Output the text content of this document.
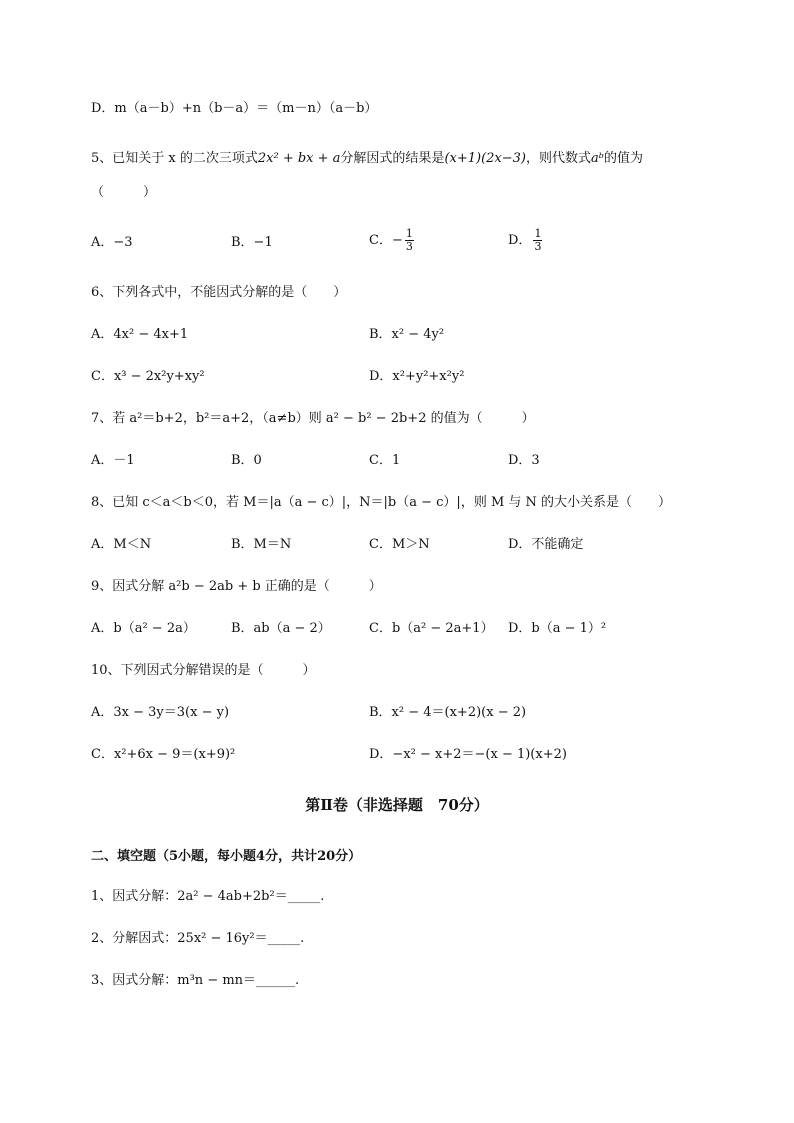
D．m（a－b）+n（b－a）＝（m－n）（a－b）
5、已知关于 x 的二次三项式2x² + bx + a分解因式的结果是(x+1)(2x−3)，则代数式aᵇ的值为
（　　　）
A．−3	B．−1	C．− $\frac{1}{3}$	D． $\frac{1}{3}$
6、下列各式中，不能因式分解的是（　　）
A．4x² − 4x+1	B．x² − 4y²
C．x³ − 2x²y+xy²	D．x²+y²+x²y²
7、若 a²＝b+2，b²＝a+2，（a≠b）则 a² − b² − 2b+2 的值为（　　　）
A．－1	B．0	C．1	D．3
8、已知 c＜a＜b＜0，若 M＝|a（a − c）|，N＝|b（a − c）|，则 M 与 N 的大小关系是（　　）
A．M＜N	B．M＝N	C．M＞N	D．不能确定
9、因式分解 a²b − 2ab + b 正确的是（　　　）
A．b（a² − 2a）	B．ab（a − 2）	C．b（a² − 2a+1） D．b（a − 1）²
10、下列因式分解错误的是（　　　）
A．3x − 3y＝3(x − y)	B．x² − 4＝(x+2)(x − 2)
C．x²+6x − 9＝(x+9)²	D．−x² − x+2＝−(x − 1)(x+2)
第Ⅱ卷（非选择题　70分）
二、填空题（5小题，每小题4分，共计20分）
1、因式分解：2a² − 4ab+2b²＝_____.
2、分解因式：25x² − 16y²＝_____.
3、因式分解：m³n − mn＝______.
